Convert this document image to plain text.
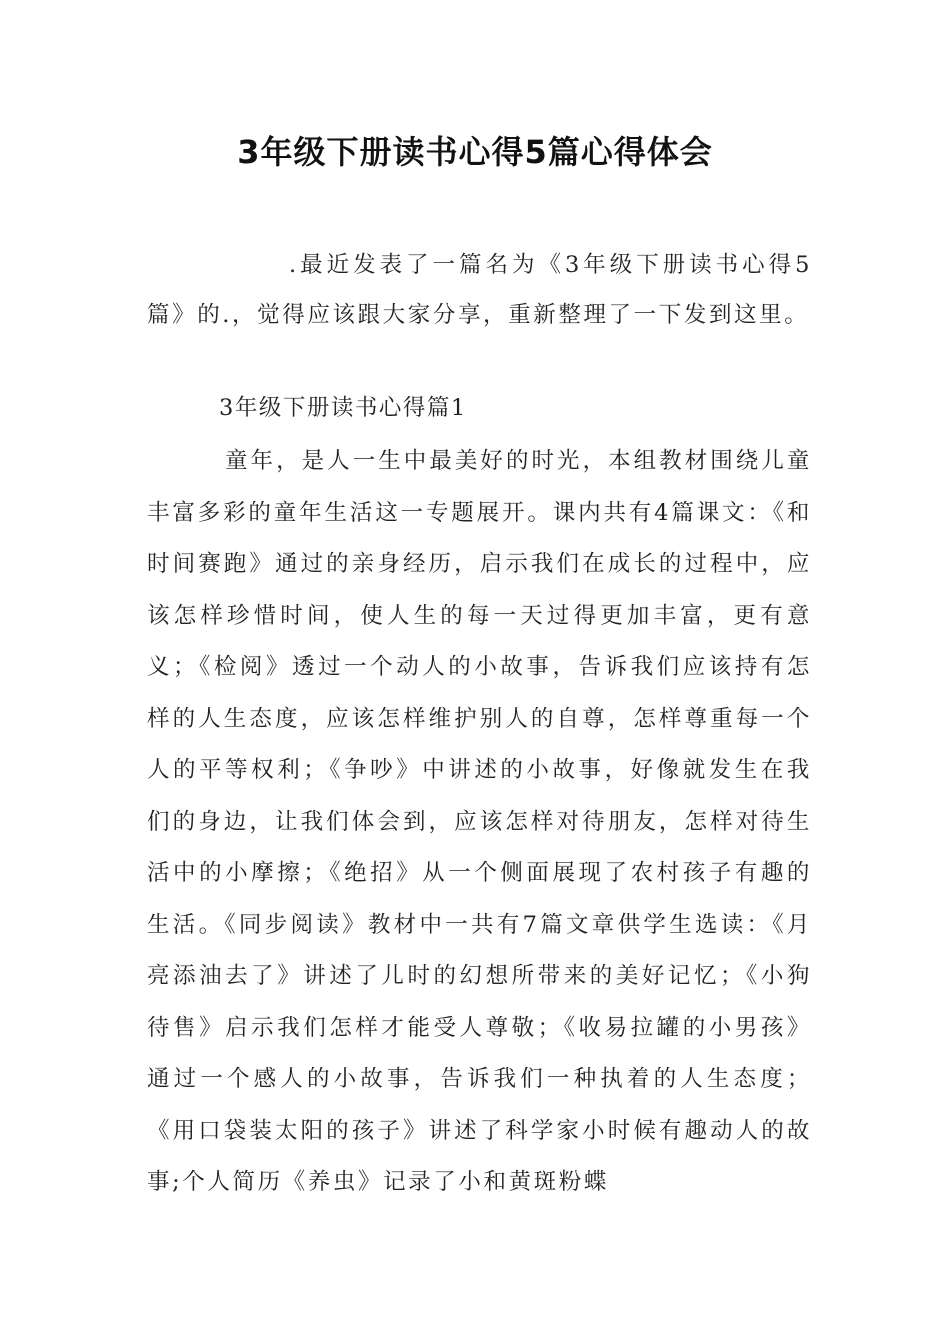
3年级下册读书心得5篇心得体会
.最近发表了一篇名为《3年级下册读书心得5篇》的.，觉得应该跟大家分享，重新整理了一下发到这里。
3年级下册读书心得篇1
童年，是人一生中最美好的时光，本组教材围绕儿童丰富多彩的童年生活这一专题展开。课内共有4篇课文：《和时间赛跑》通过的亲身经历，启示我们在成长的过程中，应该怎样珍惜时间，使人生的每一天过得更加丰富，更有意义；《检阅》透过一个动人的小故事，告诉我们应该持有怎样的人生态度，应该怎样维护别人的自尊，怎样尊重每一个人的平等权利；《争吵》中讲述的小故事，好像就发生在我们的身边，让我们体会到，应该怎样对待朋友，怎样对待生活中的小摩擦；《绝招》从一个侧面展现了农村孩子有趣的生活。《同步阅读》教材中一共有7篇文章供学生选读：《月亮添油去了》讲述了儿时的幻想所带来的美好记忆；《小狗待售》启示我们怎样才能受人尊敬；《收易拉罐的小男孩》通过一个感人的小故事，告诉我们一种执着的人生态度；《用口袋装太阳的孩子》讲述了科学家小时候有趣动人的故事;个人简历《养虫》记录了小和黄斑粉蝶
